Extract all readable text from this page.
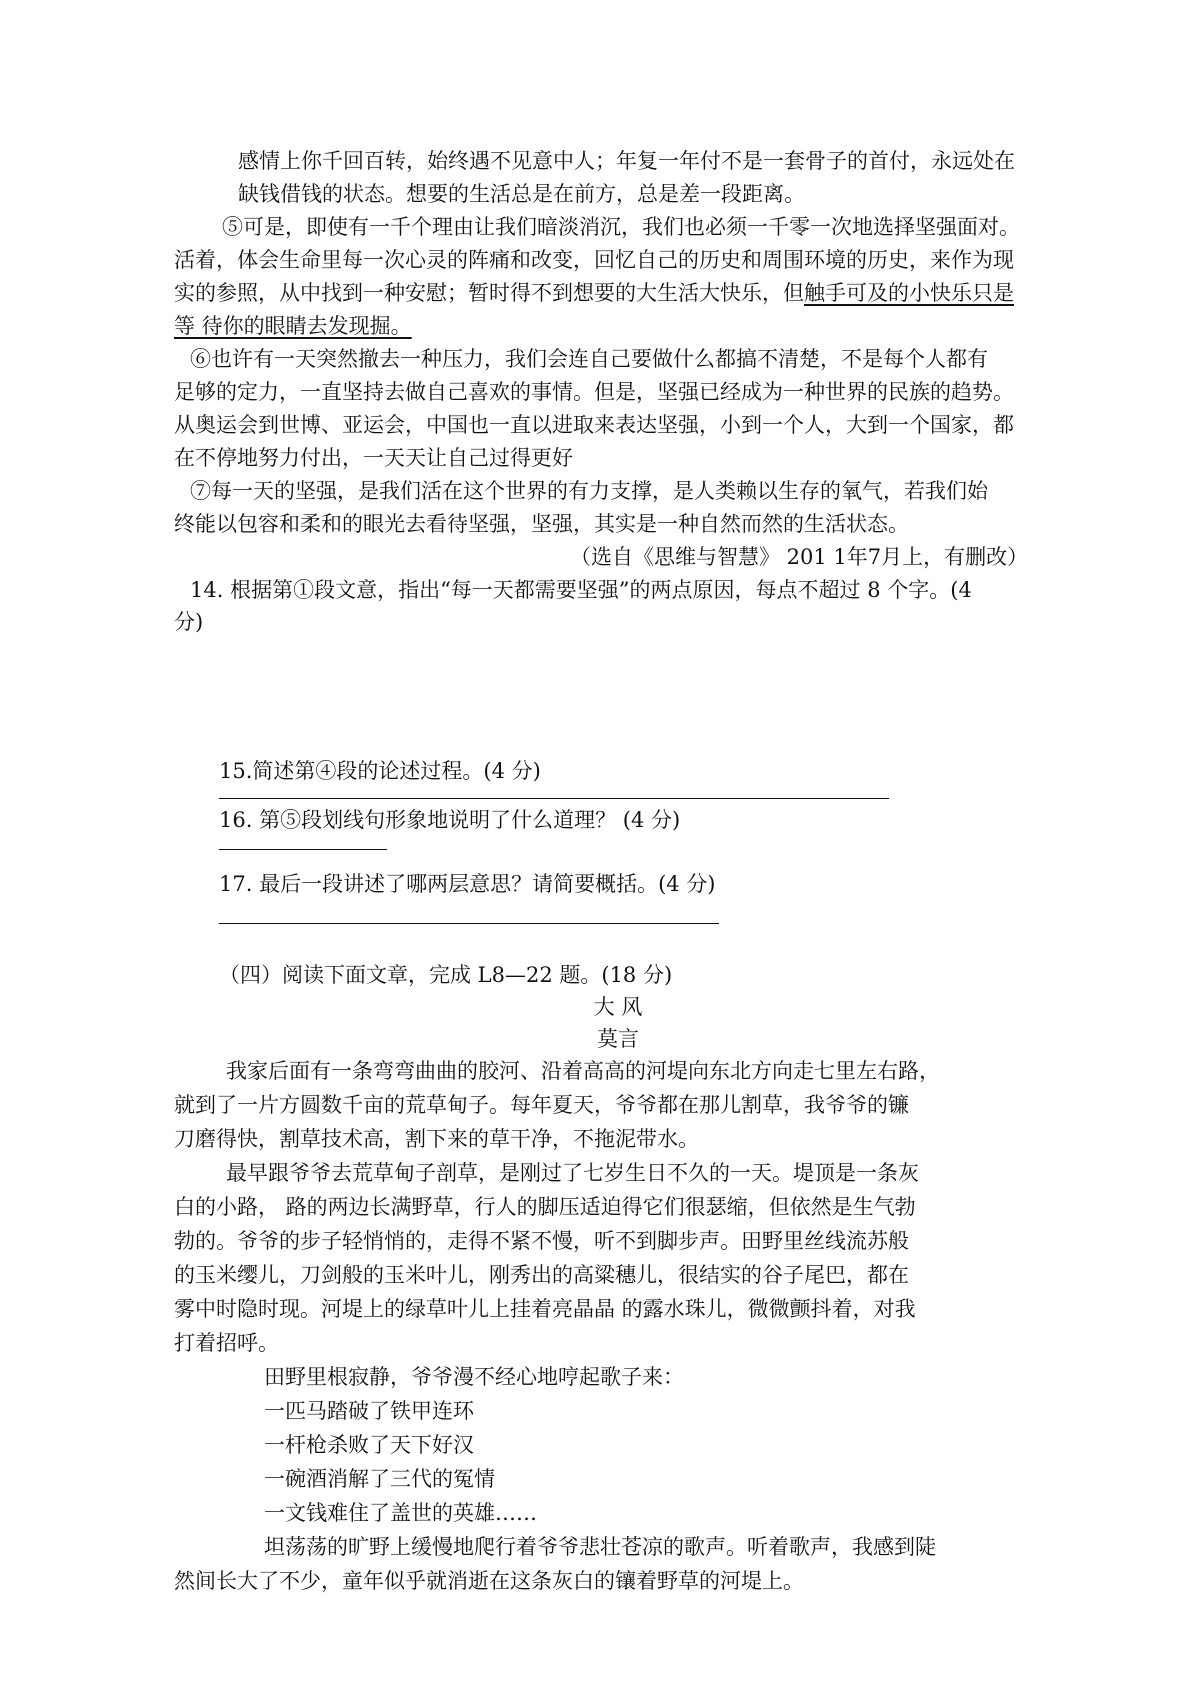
感情上你千回百转，始终遇不见意中人；年复一年付不是一套骨子的首付，永远处在
缺钱借钱的状态。想要的生活总是在前方，总是差一段距离。
⑤可是，即使有一千个理由让我们暗淡消沉，我们也必须一千零一次地选择坚强面对。
活着，体会生命里每一次心灵的阵痛和改变，回忆自己的历史和周围环境的历史，来作为现
实的参照，从中找到一种安慰；暂时得不到想要的大生活大快乐，但触手可及的小快乐只是
等 待你的眼睛去发现掘。
⑥也许有一天突然撤去一种压力，我们会连自己要做什么都搞不清楚，不是每个人都有
足够的定力，一直坚持去做自己喜欢的事情。但是，坚强已经成为一种世界的民族的趋势。
从奥运会到世博、亚运会，中国也一直以进取来表达坚强，小到一个人，大到一个国家，都
在不停地努力付出，一天天让自己过得更好
⑦每一天的坚强，是我们活在这个世界的有力支撑，是人类赖以生存的氧气，若我们始
终能以包容和柔和的眼光去看待坚强，坚强，其实是一种自然而然的生活状态。
（选自《思维与智慧》 201 1年7月上，有删改）
14. 根据第①段文意，指出“每一天都需要坚强”的两点原因，每点不超过 8 个字。(4
分)
15.简述第④段的论述过程。(4 分)
16. 第⑤段划线句形象地说明了什么道理？ (4 分)
17. 最后一段讲述了哪两层意思？请简要概括。(4 分)
（四）阅读下面文章，完成 L8—22 题。(18 分)
大 风
莫言
我家后面有一条弯弯曲曲的胶河、沿着高高的河堤向东北方向走七里左右路，
就到了一片方圆数千亩的荒草甸子。每年夏天，爷爷都在那儿割草，我爷爷的镰
刀磨得快，割草技术高，割下来的草干净，不拖泥带水。
最早跟爷爷去荒草甸子剖草，是刚过了七岁生日不久的一天。堤顶是一条灰
白的小路， 路的两边长满野草，行人的脚压适迫得它们很瑟缩，但依然是生气勃
勃的。爷爷的步子轻悄悄的，走得不紧不慢，听不到脚步声。田野里丝线流苏般
的玉米缨儿，刀剑般的玉米叶儿，刚秀出的高粱穗儿，很结实的谷子尾巴，都在
雾中时隐时现。河堤上的绿草叶儿上挂着亮晶晶 的露水珠儿，微微颤抖着，对我
打着招呼。
田野里根寂静，爷爷漫不经心地哼起歌子来：
一匹马踏破了铁甲连环
一杆枪杀败了天下好汉
一碗酒消解了三代的冤情
一文钱难住了盖世的英雄……
坦荡荡的旷野上缓慢地爬行着爷爷悲壮苍凉的歌声。听着歌声，我感到陡
然间长大了不少，童年似乎就消逝在这条灰白的镶着野草的河堤上。
